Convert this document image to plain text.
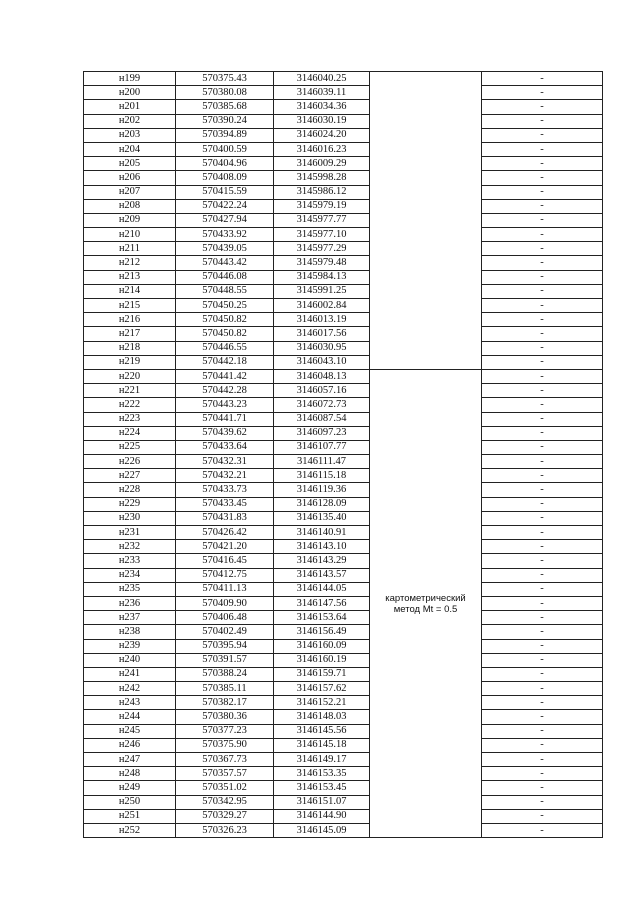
н199	570375.43	3146040.25		-
н200	570380.08	3146039.11		-
н201	570385.68	3146034.36		-
н202	570390.24	3146030.19		-
н203	570394.89	3146024.20		-
н204	570400.59	3146016.23		-
н205	570404.96	3146009.29		-
н206	570408.09	3145998.28		-
н207	570415.59	3145986.12		-
н208	570422.24	3145979.19		-
н209	570427.94	3145977.77		-
н210	570433.92	3145977.10		-
н211	570439.05	3145977.29		-
н212	570443.42	3145979.48		-
н213	570446.08	3145984.13		-
н214	570448.55	3145991.25		-
н215	570450.25	3146002.84		-
н216	570450.82	3146013.19		-
н217	570450.82	3146017.56		-
н218	570446.55	3146030.95		-
н219	570442.18	3146043.10		-
н220	570441.42	3146048.13	картометрический метод Mt = 0.5	-
н221	570442.28	3146057.16		-
н222	570443.23	3146072.73		-
н223	570441.71	3146087.54		-
н224	570439.62	3146097.23		-
н225	570433.64	3146107.77		-
н226	570432.31	3146111.47		-
н227	570432.21	3146115.18		-
н228	570433.73	3146119.36		-
н229	570433.45	3146128.09		-
н230	570431.83	3146135.40		-
н231	570426.42	3146140.91		-
н232	570421.20	3146143.10		-
н233	570416.45	3146143.29		-
н234	570412.75	3146143.57		-
н235	570411.13	3146144.05		-
н236	570409.90	3146147.56		-
н237	570406.48	3146153.64		-
н238	570402.49	3146156.49		-
н239	570395.94	3146160.09		-
н240	570391.57	3146160.19		-
н241	570388.24	3146159.71		-
н242	570385.11	3146157.62		-
н243	570382.17	3146152.21		-
н244	570380.36	3146148.03		-
н245	570377.23	3146145.56		-
н246	570375.90	3146145.18		-
н247	570367.73	3146149.17		-
н248	570357.57	3146153.35		-
н249	570351.02	3146153.45		-
н250	570342.95	3146151.07		-
н251	570329.27	3146144.90		-
н252	570326.23	3146145.09		-
